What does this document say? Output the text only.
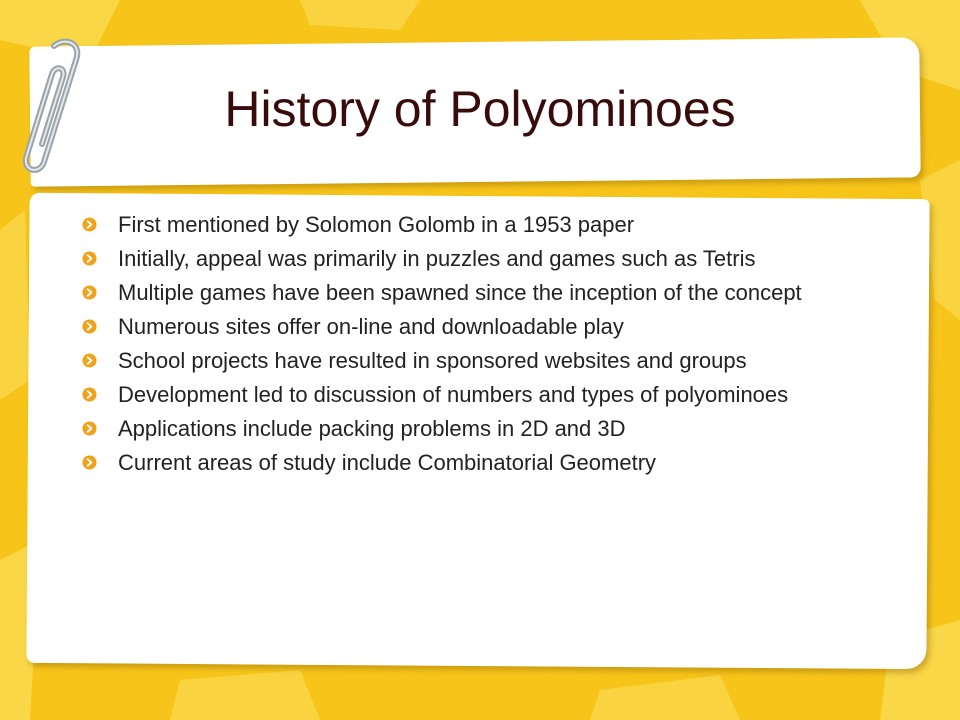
History of Polyominoes
First mentioned by Solomon Golomb in a 1953 paper
Initially, appeal was primarily in puzzles and games such as Tetris
Multiple games have been spawned since the inception of the concept
Numerous sites offer on-line and downloadable play
School projects have resulted in sponsored websites and groups
Development led to discussion of numbers and types of polyominoes
Applications include packing problems in 2D and 3D
Current areas of study include Combinatorial Geometry
